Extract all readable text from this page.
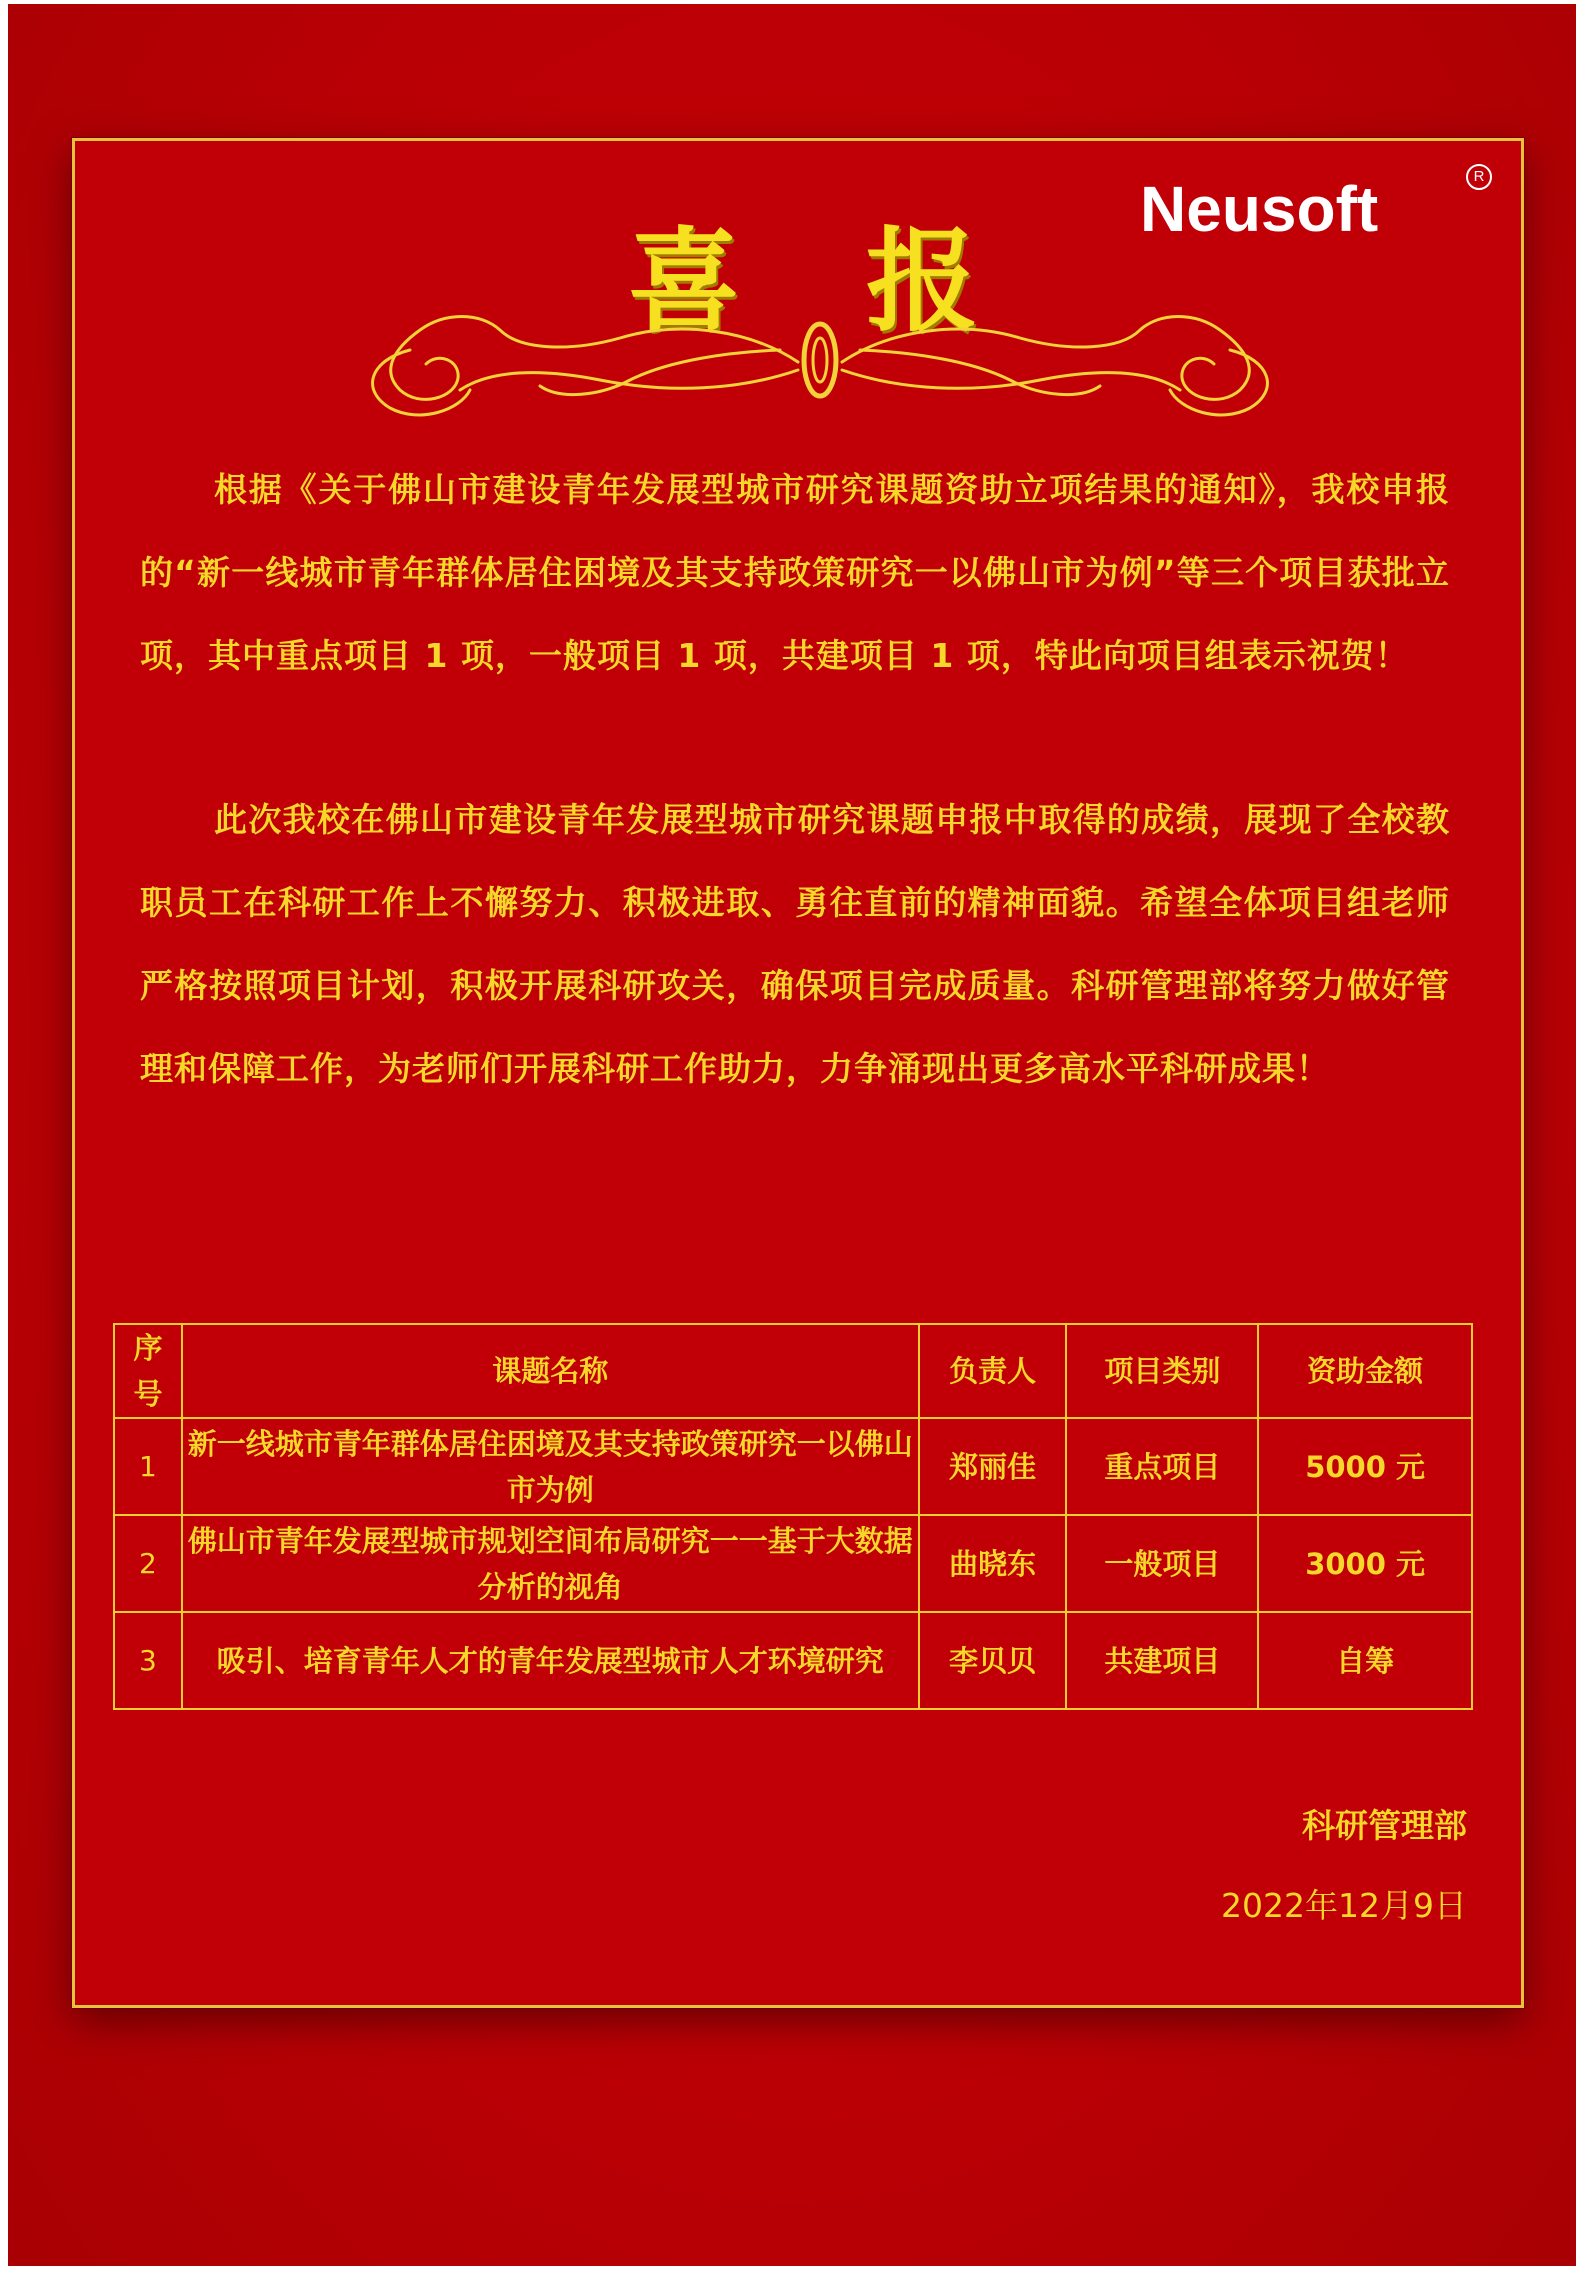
Neusoft	R
喜 报
根据《关于佛山市建设青年发展型城市研究课题资助立项结果的通知》，我校申报的“新一线城市青年群体居住困境及其支持政策研究一以佛山市为例”等三个项目获批立项，其中重点项目 1 项，一般项目 1 项，共建项目 1 项，特此向项目组表示祝贺！
此次我校在佛山市建设青年发展型城市研究课题申报中取得的成绩，展现了全校教职员工在科研工作上不懈努力、积极进取、勇往直前的精神面貌。希望全体项目组老师严格按照项目计划，积极开展科研攻关，确保项目完成质量。科研管理部将努力做好管理和保障工作，为老师们开展科研工作助力，力争涌现出更多高水平科研成果！
序号	课题名称	负责人	项目类别	资助金额
1	新一线城市青年群体居住困境及其支持政策研究一以佛山市为例	郑丽佳	重点项目	5000 元
2	佛山市青年发展型城市规划空间布局研究一一基于大数据分析的视角	曲晓东	一般项目	3000 元
3	吸引、培育青年人才的青年发展型城市人才环境研究	李贝贝	共建项目	自筹
科研管理部
2022年12月9日
